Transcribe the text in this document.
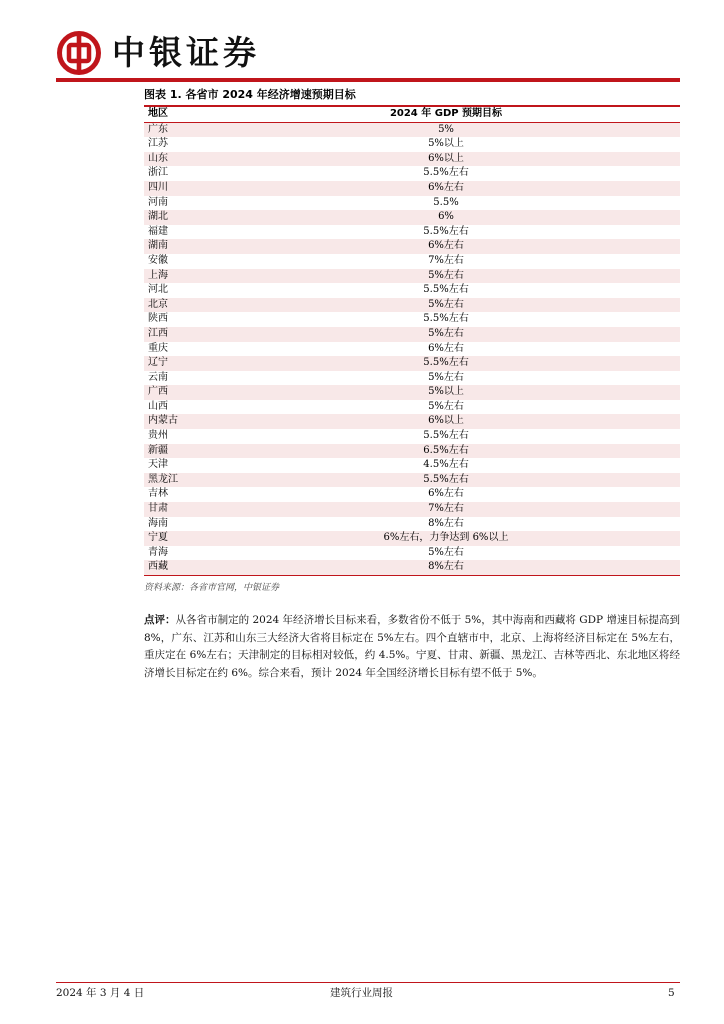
中银证券
图表 1. 各省市 2024 年经济增速预期目标
地区	2024 年 GDP 预期目标
广东	5%
江苏	5%以上
山东	6%以上
浙江	5.5%左右
四川	6%左右
河南	5.5%
湖北	6%
福建	5.5%左右
湖南	6%左右
安徽	7%左右
上海	5%左右
河北	5.5%左右
北京	5%左右
陕西	5.5%左右
江西	5%左右
重庆	6%左右
辽宁	5.5%左右
云南	5%左右
广西	5%以上
山西	5%左右
内蒙古	6%以上
贵州	5.5%左右
新疆	6.5%左右
天津	4.5%左右
黑龙江	5.5%左右
吉林	6%左右
甘肃	7%左右
海南	8%左右
宁夏	6%左右，力争达到 6%以上
青海	5%左右
西藏	8%左右
资料来源：各省市官网，中银证券
点评：从各省市制定的 2024 年经济增长目标来看，多数省份不低于 5%，其中海南和西藏将 GDP 增速目标提高到 8%，广东、江苏和山东三大经济大省将目标定在 5%左右。四个直辖市中，北京、上海将经济目标定在 5%左右，重庆定在 6%左右；天津制定的目标相对较低，约 4.5%。宁夏、甘肃、新疆、黑龙江、吉林等西北、东北地区将经济增长目标定在约 6%。综合来看，预计 2024 年全国经济增长目标有望不低于 5%。
2024 年 3 月 4 日	建筑行业周报	5
